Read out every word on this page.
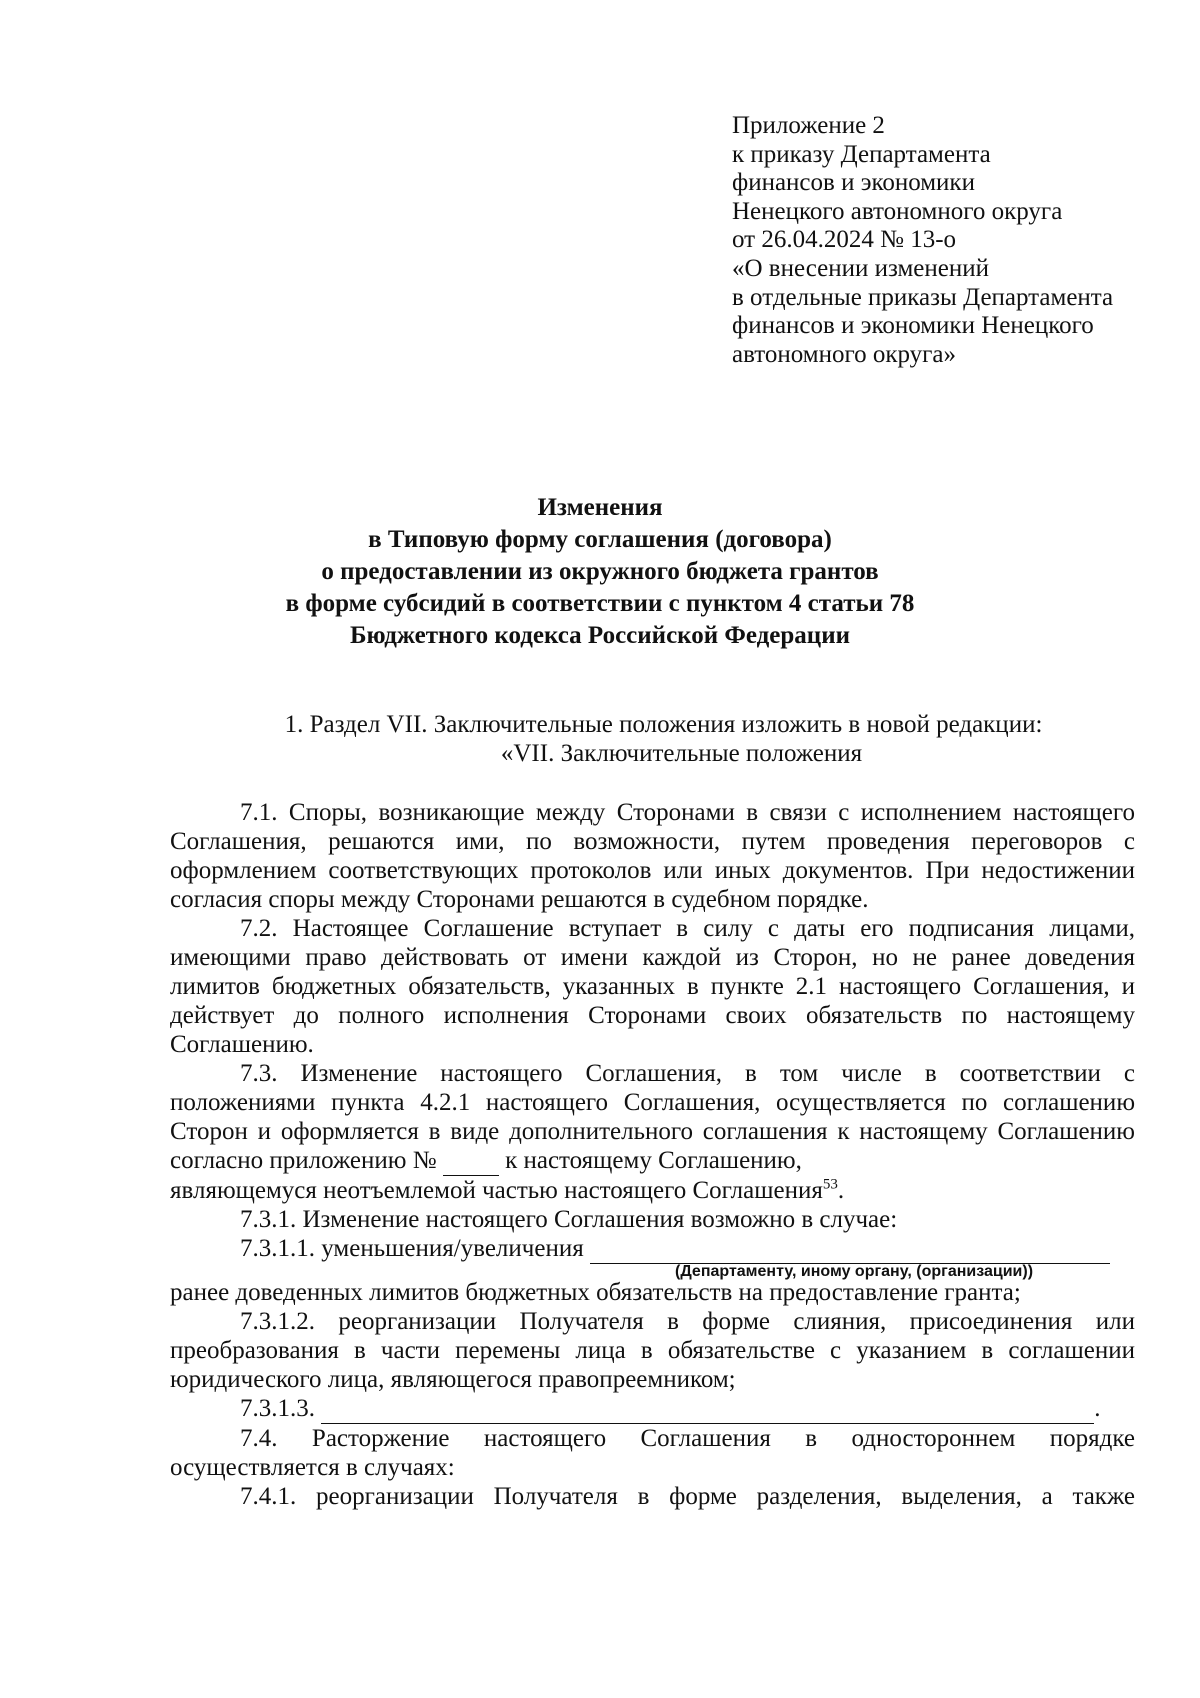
Приложение 2
к приказу Департамента
финансов и экономики
Ненецкого автономного округа
от 26.04.2024 № 13-о
«О внесении изменений
в отдельные приказы Департамента
финансов и экономики Ненецкого
автономного округа»
Изменения
в Типовую форму соглашения (договора)
о предоставлении из окружного бюджета грантов
в форме субсидий в соответствии с пунктом 4 статьи 78
Бюджетного кодекса Российской Федерации
1. Раздел VII. Заключительные положения изложить в новой редакции:
«VII. Заключительные положения

7.1. Споры, возникающие между Сторонами в связи с исполнением настоящего Соглашения, решаются ими, по возможности, путем проведения переговоров с оформлением соответствующих протоколов или иных документов. При недостижении согласия споры между Сторонами решаются в судебном порядке.

7.2. Настоящее Соглашение вступает в силу с даты его подписания лицами, имеющими право действовать от имени каждой из Сторон, но не ранее доведения лимитов бюджетных обязательств, указанных в пункте 2.1 настоящего Соглашения, и действует до полного исполнения Сторонами своих обязательств по настоящему Соглашению.

7.3. Изменение настоящего Соглашения, в том числе в соответствии с положениями пункта 4.2.1 настоящего Соглашения, осуществляется по соглашению Сторон и оформляется в виде дополнительного соглашения к настоящему Соглашению согласно приложению №	к настоящему Соглашению,

являющемуся неотъемлемой частью настоящего Соглашения$^{53}$.
7.3.1. Изменение настоящего Соглашения возможно в случае:
7.3.1.1. уменьшения/увеличения
(Департаменту, иному органу, (организации))
ранее доведенных лимитов бюджетных обязательств на предоставление гранта;

7.3.1.2. реорганизации Получателя в форме слияния, присоединения или преобразования в части перемены лица в обязательстве с указанием в соглашении юридического лица, являющегося правопреемником;

7.3.1.3.	.

7.4. Расторжение настоящего Соглашения в одностороннем порядке осуществляется в случаях:

7.4.1. реорганизации Получателя в форме разделения, выделения, а также
